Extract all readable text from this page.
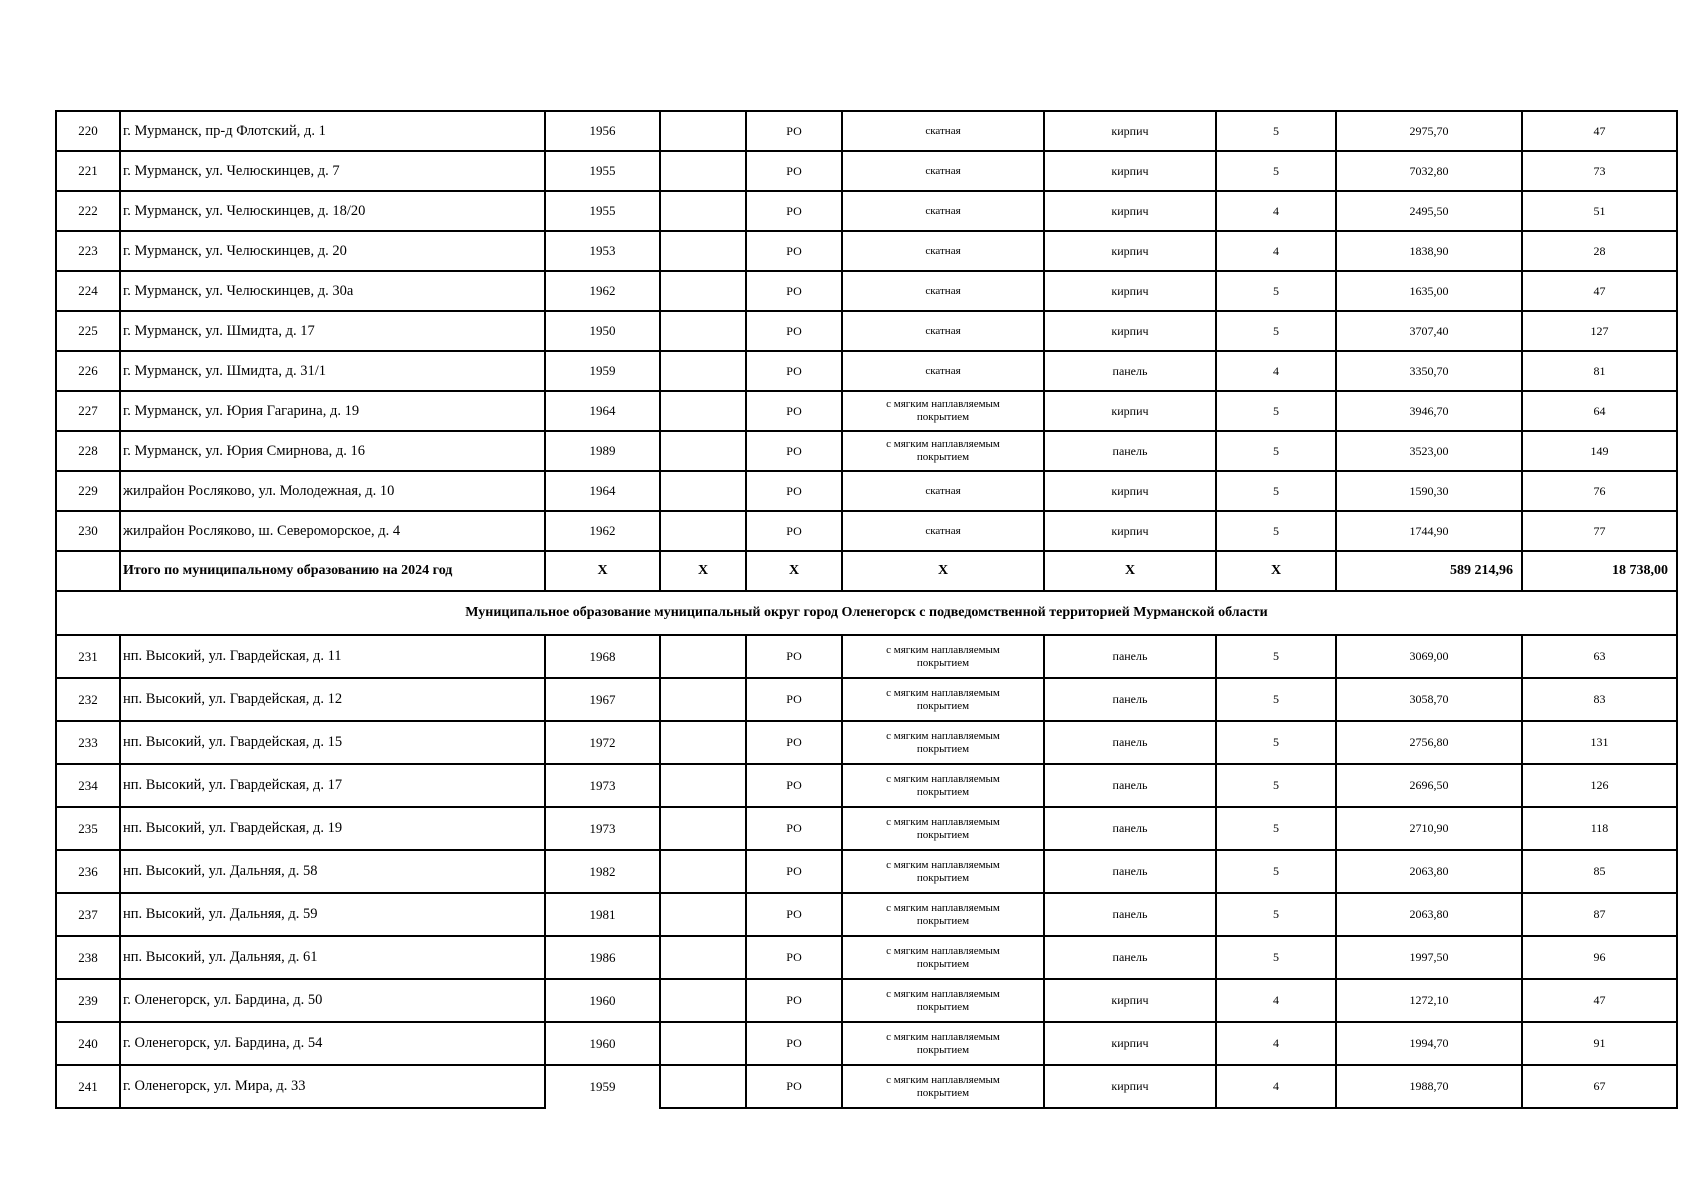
220	г. Мурманск, пр-д Флотский, д. 1	1956		РО	скатная	кирпич	5	2975,70	47
221	г. Мурманск, ул. Челюскинцев, д. 7	1955		РО	скатная	кирпич	5	7032,80	73
222	г. Мурманск, ул. Челюскинцев, д. 18/20	1955		РО	скатная	кирпич	4	2495,50	51
223	г. Мурманск, ул. Челюскинцев, д. 20	1953		РО	скатная	кирпич	4	1838,90	28
224	г. Мурманск, ул. Челюскинцев, д. 30а	1962		РО	скатная	кирпич	5	1635,00	47
225	г. Мурманск, ул. Шмидта, д. 17	1950		РО	скатная	кирпич	5	3707,40	127
226	г. Мурманск, ул. Шмидта, д. 31/1	1959		РО	скатная	панель	4	3350,70	81
227	г. Мурманск, ул. Юрия Гагарина, д. 19	1964		РО	с мягким наплавляемым
покрытием	кирпич	5	3946,70	64
228	г. Мурманск, ул. Юрия Смирнова, д. 16	1989		РО	с мягким наплавляемым
покрытием	панель	5	3523,00	149
229	жилрайон Росляково, ул. Молодежная, д. 10	1964		РО	скатная	кирпич	5	1590,30	76
230	жилрайон Росляково, ш. Североморское, д. 4	1962		РО	скатная	кирпич	5	1744,90	77
	Итого по муниципальному образованию на 2024 год	X	X	X	X	X	X	589 214,96	18 738,00
Муниципальное образование муниципальный округ город Оленегорск с подведомственной территорией Мурманской области									
231	нп. Высокий, ул. Гвардейская, д. 11	1968		РО	с мягким наплавляемым
покрытием	панель	5	3069,00	63
232	нп. Высокий, ул. Гвардейская, д. 12	1967		РО	с мягким наплавляемым
покрытием	панель	5	3058,70	83
233	нп. Высокий, ул. Гвардейская, д. 15	1972		РО	с мягким наплавляемым
покрытием	панель	5	2756,80	131
234	нп. Высокий, ул. Гвардейская, д. 17	1973		РО	с мягким наплавляемым
покрытием	панель	5	2696,50	126
235	нп. Высокий, ул. Гвардейская, д. 19	1973		РО	с мягким наплавляемым
покрытием	панель	5	2710,90	118
236	нп. Высокий, ул. Дальняя, д. 58	1982		РО	с мягким наплавляемым
покрытием	панель	5	2063,80	85
237	нп. Высокий, ул. Дальняя, д. 59	1981		РО	с мягким наплавляемым
покрытием	панель	5	2063,80	87
238	нп. Высокий, ул. Дальняя, д. 61	1986		РО	с мягким наплавляемым
покрытием	панель	5	1997,50	96
239	г. Оленегорск, ул. Бардина, д. 50	1960		РО	с мягким наплавляемым
покрытием	кирпич	4	1272,10	47
240	г. Оленегорск, ул. Бардина, д. 54	1960		РО	с мягким наплавляемым
покрытием	кирпич	4	1994,70	91
241	г. Оленегорск, ул. Мира, д. 33	1959		РО	с мягким наплавляемым
покрытием	кирпич	4	1988,70	67
